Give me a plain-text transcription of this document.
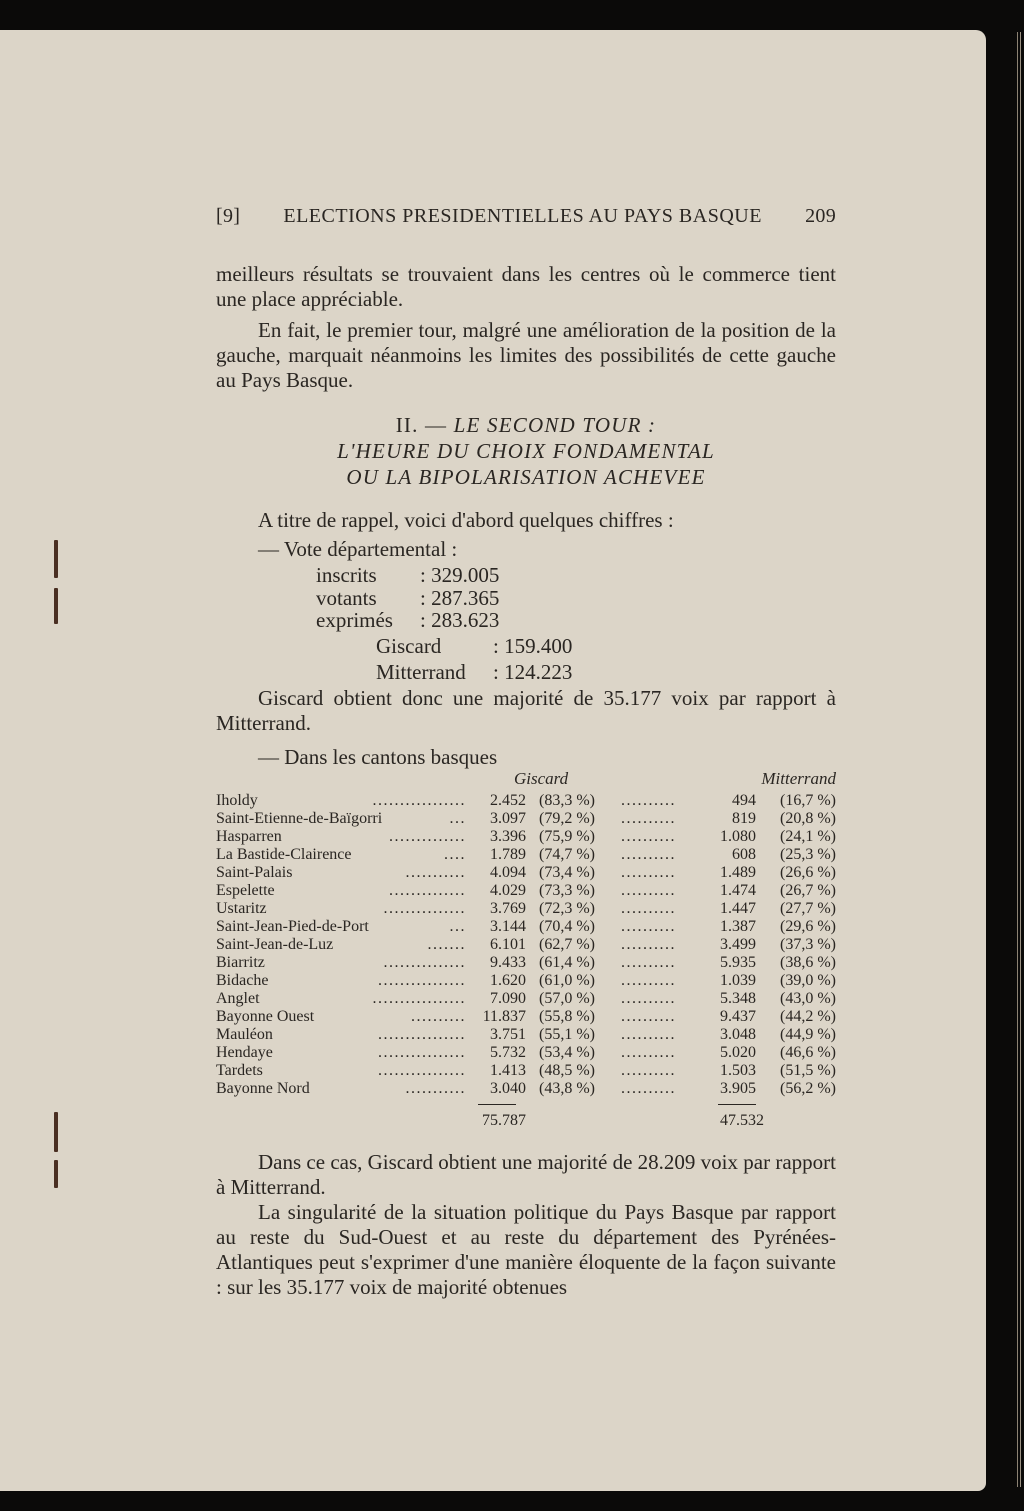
[9] ELECTIONS PRESIDENTIELLES AU PAYS BASQUE 209
meilleurs résultats se trouvaient dans les centres où le commerce tient une place appréciable.
En fait, le premier tour, malgré une amélioration de la position de la gauche, marquait néanmoins les limites des possibilités de cette gauche au Pays Basque.
II. — LE SECOND TOUR :
L'HEURE DU CHOIX FONDAMENTAL
OU LA BIPOLARISATION ACHEVEE
A titre de rappel, voici d'abord quelques chiffres :
— Vote départemental :
inscrits : 329.005
votants : 287.365
exprimés : 283.623
Giscard : 159.400
Mitterrand : 124.223
Giscard obtient donc une majorité de 35.177 voix par rapport à Mitterrand.
— Dans les cantons basques
Giscard	Mitterrand
Iholdy	................. 2.452 (83,3 %) ..........	494 (16,7 %)
Saint-Etienne-de-Baïgorri	... 3.097 (79,2 %) ..........	819 (20,8 %)
Hasparren	.............. 3.396 (75,9 %) ..........	1.080 (24,1 %)
La Bastide-Clairence	.... 1.789 (74,7 %) ..........	608 (25,3 %)
Saint-Palais	........... 4.094 (73,4 %) ..........	1.489 (26,6 %)
Espelette	.............. 4.029 (73,3 %) ..........	1.474 (26,7 %)
Ustaritz	............... 3.769 (72,3 %) ..........	1.447 (27,7 %)
Saint-Jean-Pied-de-Port	... 3.144 (70,4 %) ..........	1.387 (29,6 %)
Saint-Jean-de-Luz	....... 6.101 (62,7 %) ..........	3.499 (37,3 %)
Biarritz	............... 9.433 (61,4 %) ..........	5.935 (38,6 %)
Bidache	................ 1.620 (61,0 %) ..........	1.039 (39,0 %)
Anglet	................. 7.090 (57,0 %) ..........	5.348 (43,0 %)
Bayonne Ouest	.......... 11.837 (55,8 %) ..........	9.437 (44,2 %)
Mauléon	................ 3.751 (55,1 %) ..........	3.048 (44,9 %)
Hendaye	................ 5.732 (53,4 %) ..........	5.020 (46,6 %)
Tardets	................ 1.413 (48,5 %) ..........	1.503 (51,5 %)
Bayonne Nord	........... 3.040 (43,8 %) ..........	3.905 (56,2 %)
75.787	47.532
Dans ce cas, Giscard obtient une majorité de 28.209 voix par rapport à Mitterrand.
La singularité de la situation politique du Pays Basque par rapport au reste du Sud-Ouest et au reste du département des Pyrénées-Atlantiques peut s'exprimer d'une manière éloquente de la façon suivante : sur les 35.177 voix de majorité obtenues
